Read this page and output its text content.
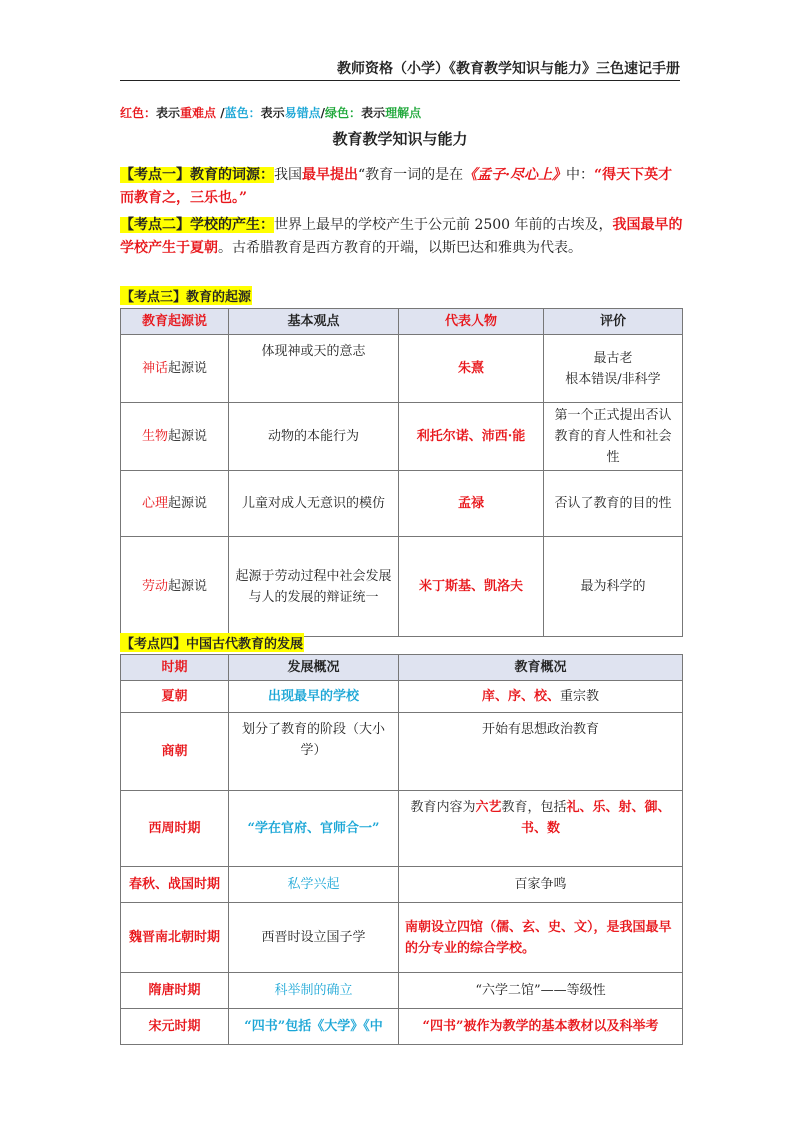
教师资格（小学）《教育教学知识与能力》三色速记手册
红色：表示重难点 /蓝色：表示易错点/绿色：表示理解点
教育教学知识与能力
【考点一】教育的词源：我国最早提出“教育一词的是在《孟子·尽心上》中：“得天下英才而教育之，三乐也。”
【考点二】学校的产生：世界上最早的学校产生于公元前 2500 年前的古埃及，我国最早的学校产生于夏朝。古希腊教育是西方教育的开端，以斯巴达和雅典为代表。
【考点三】教育的起源
教育起源说	基本观点	代表人物	评价
神话起源说	体现神或天的意志	朱熹	最古老
根本错误/非科学
生物起源说	动物的本能行为	利托尔诺、沛西·能	第一个正式提出否认教育的育人性和社会性
心理起源说	儿童对成人无意识的模仿	孟禄	否认了教育的目的性
劳动起源说	起源于劳动过程中社会发展与人的发展的辩证统一	米丁斯基、凯洛夫	最为科学的
【考点四】中国古代教育的发展
时期	发展概况	教育概况
夏朝	出现最早的学校	庠、序、校、重宗教
商朝	划分了教育的阶段（大小学）	开始有思想政治教育
西周时期	“学在官府、官师合一”	教育内容为六艺教育，包括礼、乐、射、御、书、数
春秋、战国时期	私学兴起	百家争鸣
魏晋南北朝时期	西晋时设立国子学	南朝设立四馆（儒、玄、史、文），是我国最早的分专业的综合学校。
隋唐时期	科举制的确立	“六学二馆”——等级性
宋元时期	“四书”包括《大学》《中	“四书”被作为教学的基本教材以及科举考
